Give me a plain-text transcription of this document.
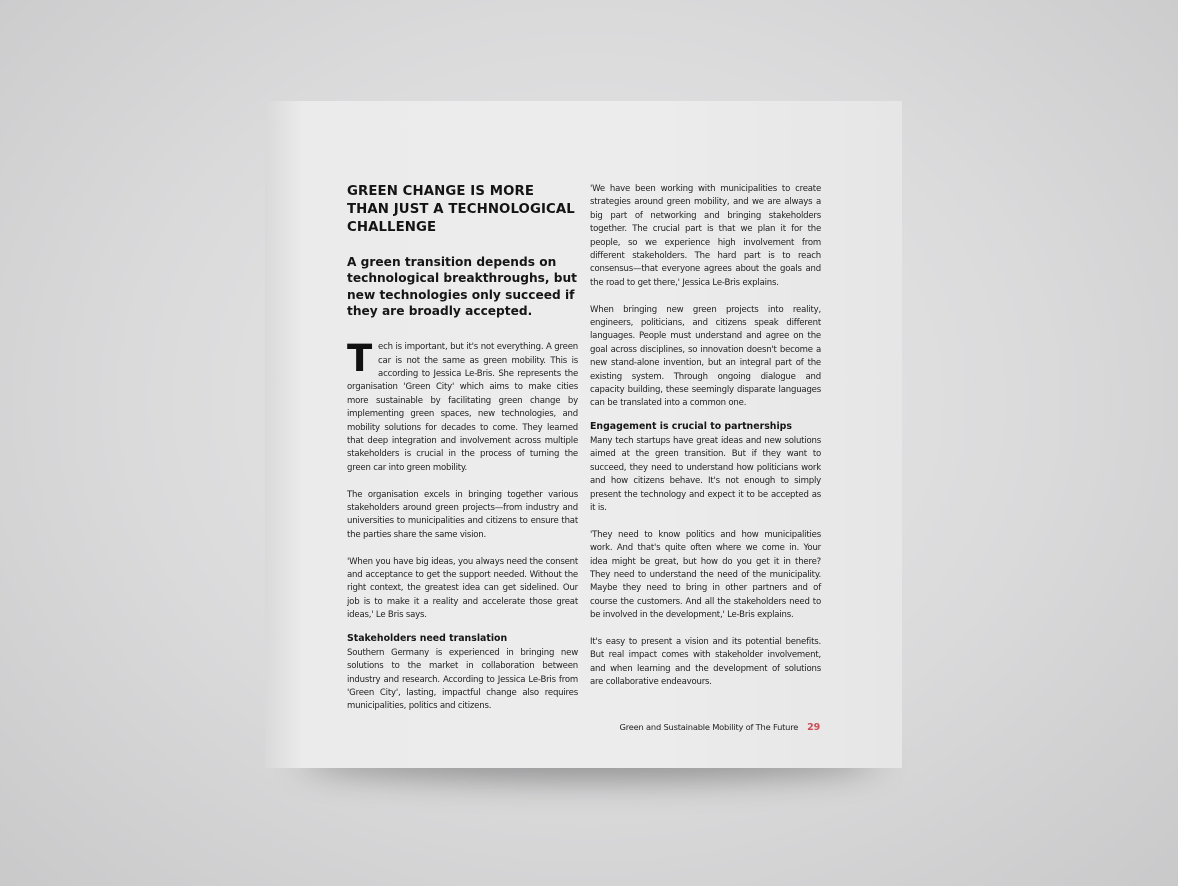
GREEN CHANGE IS MORE THAN JUST A TECHNOLOGICAL CHALLENGE
A green transition depends on technological breakthroughs, but new technologies only succeed if they are broadly accepted.

Tech is important, but it's not everything. A green car is not the same as green mobility. This is according to Jessica Le-Bris. She represents the organisation 'Green City' which aims to make cities more sustainable by facilitating green change by implementing green spaces, new technologies, and mobility solutions for decades to come. They learned that deep integration and involvement across multiple stakeholders is crucial in the process of turning the green car into green mobility.

The organisation excels in bringing together various stakeholders around green projects—from industry and universities to municipalities and citizens to ensure that the parties share the same vision.

'When you have big ideas, you always need the consent and acceptance to get the support needed. Without the right context, the greatest idea can get sidelined. Our job is to make it a reality and accelerate those great ideas,' Le Bris says.

Stakeholders need translation

Southern Germany is experienced in bringing new solutions to the market in collaboration between industry and research. According to Jessica Le-Bris from 'Green City', lasting, impactful change also requires municipalities, politics and citizens.

'We have been working with municipalities to create strategies around green mobility, and we are always a big part of networking and bringing stakeholders together. The crucial part is that we plan it for the people, so we experience high involvement from different stakeholders. The hard part is to reach consensus—that everyone agrees about the goals and the road to get there,' Jessica Le-Bris explains.

When bringing new green projects into reality, engineers, politicians, and citizens speak different languages. People must understand and agree on the goal across disciplines, so innovation doesn't become a new stand-alone invention, but an integral part of the existing system. Through ongoing dialogue and capacity building, these seemingly disparate languages can be translated into a common one.

Engagement is crucial to partnerships

Many tech startups have great ideas and new solutions aimed at the green transition. But if they want to succeed, they need to understand how politicians work and how citizens behave. It's not enough to simply present the technology and expect it to be accepted as it is.

'They need to know politics and how municipalities work. And that's quite often where we come in. Your idea might be great, but how do you get it in there? They need to understand the need of the municipality. Maybe they need to bring in other partners and of course the customers. And all the stakeholders need to be involved in the development,' Le-Bris explains.

It's easy to present a vision and its potential benefits. But real impact comes with stakeholder involvement, and when learning and the development of solutions are collaborative endeavours.

Green and Sustainable Mobility of The Future 29
